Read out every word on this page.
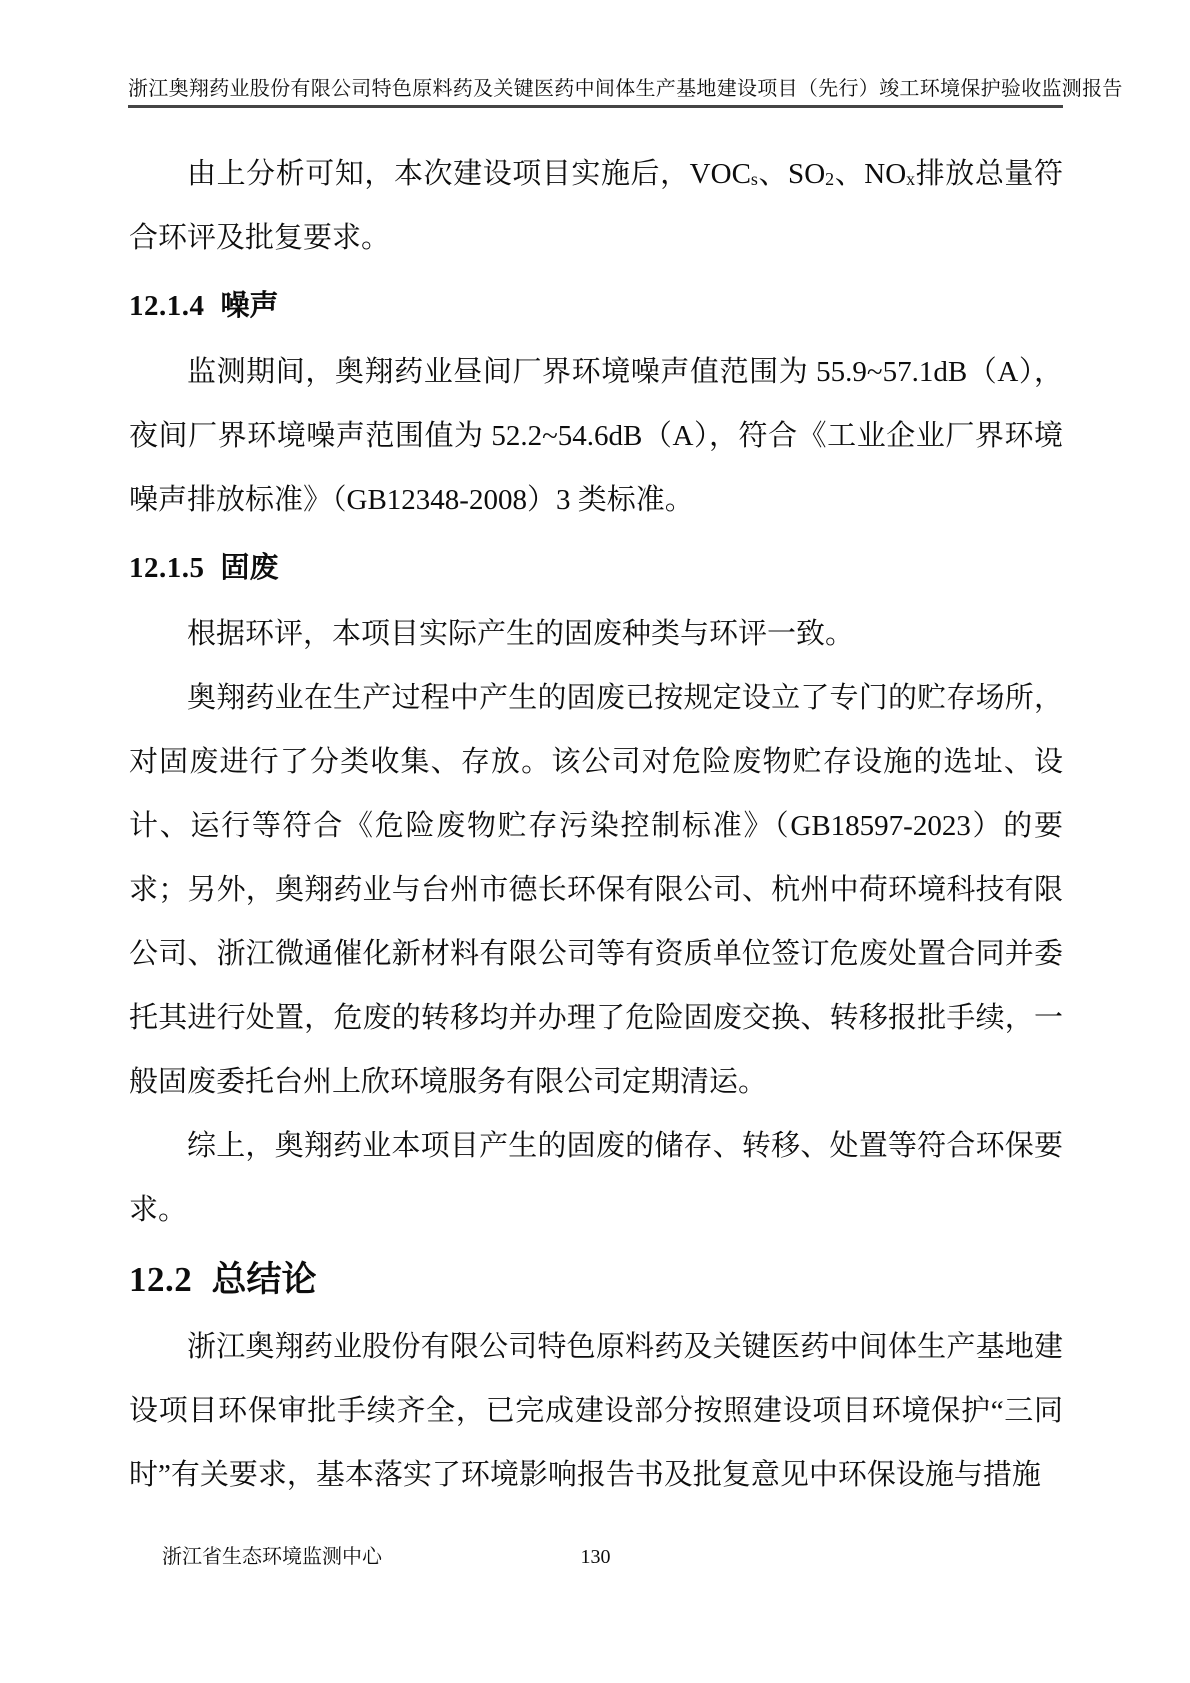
浙江奥翔药业股份有限公司特色原料药及关键医药中间体生产基地建设项目（先行）竣工环境保护验收监测报告

由上分析可知，本次建设项目实施后，$VOC_s$、$SO_2$、$NO_x$排放总量符合环评及批复要求。

12.1.4 噪声

监测期间，奥翔药业昼间厂界环境噪声值范围为 55.9~57.1dB（A），夜间厂界环境噪声范围值为 52.2~54.6dB（A），符合《工业企业厂界环境噪声排放标准》（GB12348-2008）3 类标准。

12.1.5 固废

根据环评，本项目实际产生的固废种类与环评一致。

奥翔药业在生产过程中产生的固废已按规定设立了专门的贮存场所，对固废进行了分类收集、存放。该公司对危险废物贮存设施的选址、设计、运行等符合《危险废物贮存污染控制标准》（GB18597-2023）的要求；另外，奥翔药业与台州市德长环保有限公司、杭州中荷环境科技有限公司、浙江微通催化新材料有限公司等有资质单位签订危废处置合同并委托其进行处置，危废的转移均并办理了危险固废交换、转移报批手续，一般固废委托台州上欣环境服务有限公司定期清运。

综上，奥翔药业本项目产生的固废的储存、转移、处置等符合环保要求。

12.2 总结论

浙江奥翔药业股份有限公司特色原料药及关键医药中间体生产基地建设项目环保审批手续齐全，已完成建设部分按照建设项目环境保护“三同时”有关要求，基本落实了环境影响报告书及批复意见中环保设施与措施

浙江省生态环境监测中心	130
